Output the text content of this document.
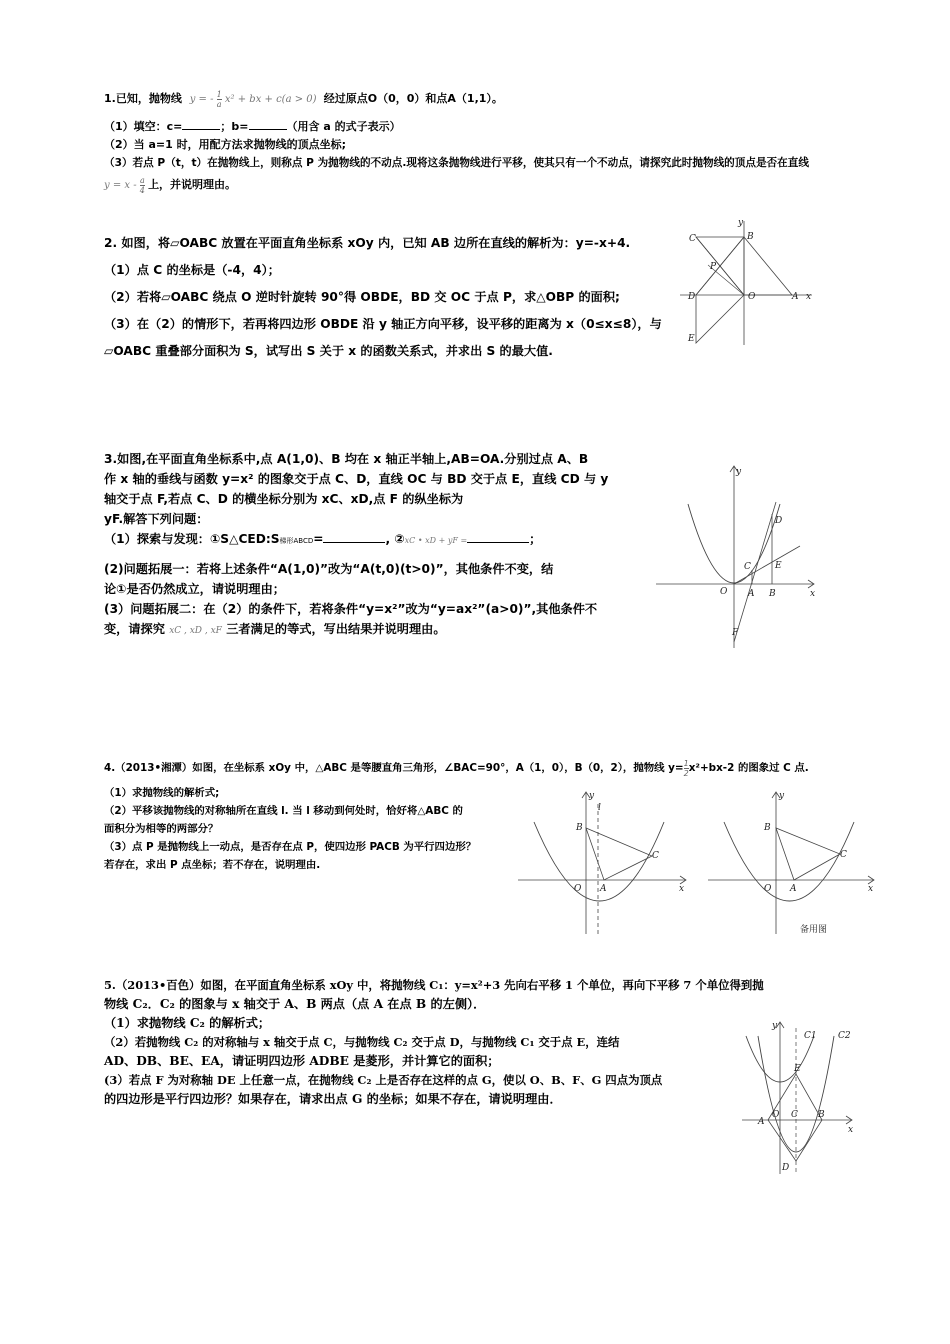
1.已知，抛物线 y = - $\frac{1}{a} x^2$ + bx + c(a > 0) 经过原点O（0，0）和点A（1,1）。

（1）填空：c=	；b=	（用含 a 的式子表示）

（2）当 a=1 时，用配方法求抛物线的顶点坐标;

（3）若点 P（t，t）在抛物线上，则称点 P 为抛物线的不动点.现将这条抛物线进行平移，使其只有一个不动点，请探究此时抛物线的顶点是否在直线

$y = x - \frac{a}{4}$ 上，并说明理由。

2. 如图，将▱OABC 放置在平面直角坐标系 xOy 内，已知 AB 边所在直线的解析为：y=-x+4.

（1）点 C 的坐标是（-4，4）；

（2）若将▱OABC 绕点 O 逆时针旋转 90°得 OBDE，BD 交 OC 于点 P，求△OBP 的面积;

（3）在（2）的情形下，若再将四边形 OBDE 沿 y 轴正方向平移，设平移的距离为 x（0≤x≤8），与

▱OABC 重叠部分面积为 S，试写出 S 关于 x 的函数关系式，并求出 S 的最大值.

C	B
y
P
D	O	A x
E

3.如图,在平面直角坐标系中,点 A(1,0)、B 均在 x 轴正半轴上,AB=OA.分别过点 A、B

作 x 轴的垂线与函数 y=x² 的图象交于点 C、D，直线 OC 与 BD 交于点 E，直线 CD 与 y

轴交于点 F,若点 C、D 的横坐标分别为 xC、xD,点 F 的纵坐标为

yF.解答下列问题：

（1）探索与发现：①S△CED:S梯形ABCD=	, ②xC • xD + yF =	；

(2)问题拓展一：若将上述条件“A(1,0)”改为“A(t,0)(t>0)”，其他条件不变，结

论①是否仍然成立，请说明理由；

(3）问题拓展二：在（2）的条件下，若将条件“y=x²”改为“y=ax²”(a>0)”,其他条件不

变，请探究 xC , xD , xF 三者满足的等式，写出结果并说明理由。

y
D
C	E
O A B	x
F

4.（2013•湘潭）如图，在坐标系 xOy 中，△ABC 是等腰直角三角形，∠BAC=90°，A（1，0），B（0，2），抛物线 $y= \frac{1}{2} x^2+bx-2$ 的图象过 C 点.

（1）求抛物线的解析式;

（2）平移该抛物线的对称轴所在直线 l. 当 l 移动到何处时，恰好将△ABC 的

面积分为相等的两部分？

（3）点 P 是抛物线上一动点，是否存在点 P，使四边形 PACB 为平行四边形？

若存在，求出 P 点坐标；若不存在，说明理由.

y
l
B
C
O A	x
y
B
C
O A	x
备用图

5.（2013•百色）如图，在平面直角坐标系 xOy 中，将抛物线 C₁：y=x²+3 先向右平移 1 个单位，再向下平移 7 个单位得到抛

物线 C₂．C₂ 的图象与 x 轴交于 A、B 两点（点 A 在点 B 的左侧）．

（1）求抛物线 C₂ 的解析式；

（2）若抛物线 C₂ 的对称轴与 x 轴交于点 C，与抛物线 C₂ 交于点 D，与抛物线 C₁ 交于点 E，连结

AD、DB、BE、EA，请证明四边形 ADBE 是菱形，并计算它的面积；

(3）若点 F 为对称轴 DE 上任意一点，在抛物线 C₂ 上是否存在这样的点 G，使以 O、B、F、G 四点为顶点

的四边形是平行四边形？如果存在，请求出点 G 的坐标；如果不存在，请说明理由．

y
C1 C2
E
A
O C B
x
D
